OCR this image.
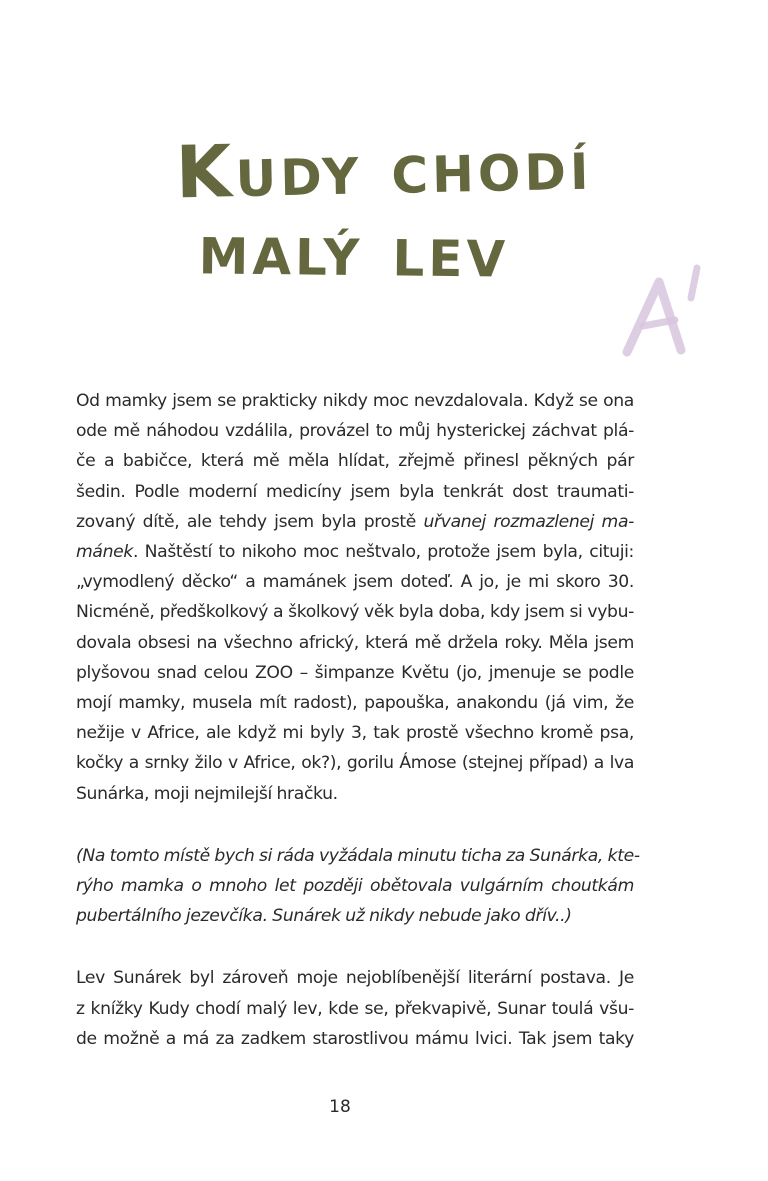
Kudy chodí
malý lev

Od mamky jsem se prakticky nikdy moc nevzdalovala. Když se ona
ode mě náhodou vzdálila, provázel to můj hysterickej záchvat plá-
če a babičce, která mě měla hlídat, zřejmě přinesl pěkných pár
šedin. Podle moderní medicíny jsem byla tenkrát dost traumati-
zovaný dítě, ale tehdy jsem byla prostě uřvanej rozmazlenej ma-
mánek. Naštěstí to nikoho moc neštvalo, protože jsem byla, cituji:
„vymodlený děcko“ a mamánek jsem doteď. A jo, je mi skoro 30.
Nicméně, předškolkový a školkový věk byla doba, kdy jsem si vybu-
dovala obsesi na všechno africký, která mě držela roky. Měla jsem
plyšovou snad celou ZOO – šimpanze Květu (jo, jmenuje se podle
mojí mamky, musela mít radost), papouška, anakondu (já vim, že
nežije v Africe, ale když mi byly 3, tak prostě všechno kromě psa,
kočky a srnky žilo v Africe, ok?), gorilu Ámose (stejnej případ) a lva
Sunárka, moji nejmilejší hračku.

(Na tomto místě bych si ráda vyžádala minutu ticha za Sunárka, kte-
rýho mamka o mnoho let později obětovala vulgárním choutkám
pubertálního jezevčíka. Sunárek už nikdy nebude jako dřív..)

Lev Sunárek byl zároveň moje nejoblíbenější literární postava. Je
z knížky Kudy chodí malý lev, kde se, překvapivě, Sunar toulá všu-
de možně a má za zadkem starostlivou mámu lvici. Tak jsem taky

18
